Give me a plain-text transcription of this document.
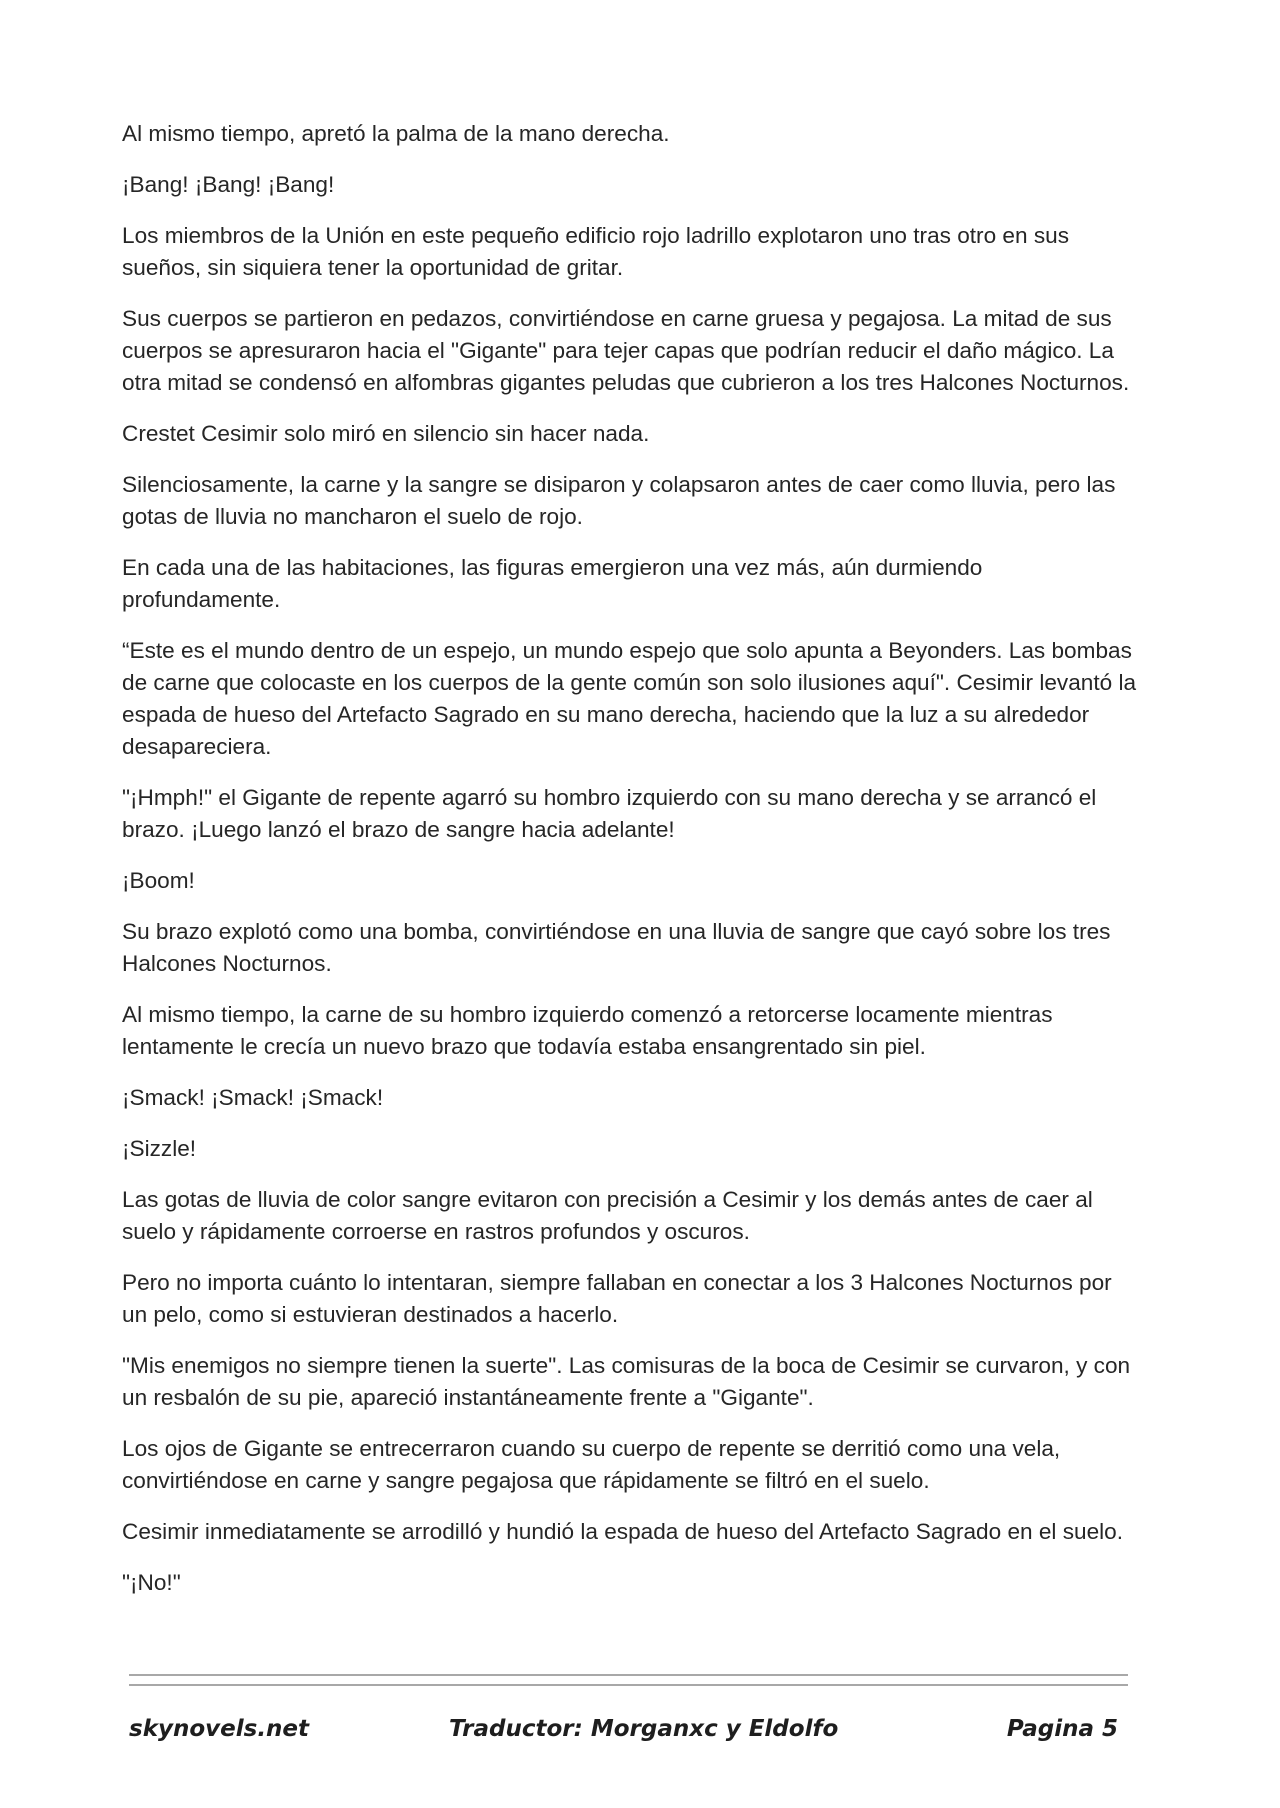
Al mismo tiempo, apretó la palma de la mano derecha.

¡Bang! ¡Bang! ¡Bang!

Los miembros de la Unión en este pequeño edificio rojo ladrillo explotaron uno tras otro en sus sueños, sin siquiera tener la oportunidad de gritar.

Sus cuerpos se partieron en pedazos, convirtiéndose en carne gruesa y pegajosa. La mitad de sus cuerpos se apresuraron hacia el "Gigante" para tejer capas que podrían reducir el daño mágico. La otra mitad se condensó en alfombras gigantes peludas que cubrieron a los tres Halcones Nocturnos.

Crestet Cesimir solo miró en silencio sin hacer nada.

Silenciosamente, la carne y la sangre se disiparon y colapsaron antes de caer como lluvia, pero las gotas de lluvia no mancharon el suelo de rojo.

En cada una de las habitaciones, las figuras emergieron una vez más, aún durmiendo profundamente.

“Este es el mundo dentro de un espejo, un mundo espejo que solo apunta a Beyonders. Las bombas de carne que colocaste en los cuerpos de la gente común son solo ilusiones aquí". Cesimir levantó la espada de hueso del Artefacto Sagrado en su mano derecha, haciendo que la luz a su alrededor desapareciera.

"¡Hmph!" el Gigante de repente agarró su hombro izquierdo con su mano derecha y se arrancó el brazo. ¡Luego lanzó el brazo de sangre hacia adelante!

¡Boom!

Su brazo explotó como una bomba, convirtiéndose en una lluvia de sangre que cayó sobre los tres Halcones Nocturnos.

Al mismo tiempo, la carne de su hombro izquierdo comenzó a retorcerse locamente mientras lentamente le crecía un nuevo brazo que todavía estaba ensangrentado sin piel.

¡Smack! ¡Smack! ¡Smack!

¡Sizzle!

Las gotas de lluvia de color sangre evitaron con precisión a Cesimir y los demás antes de caer al suelo y rápidamente corroerse en rastros profundos y oscuros.

Pero no importa cuánto lo intentaran, siempre fallaban en conectar a los 3 Halcones Nocturnos por un pelo, como si estuvieran destinados a hacerlo.

"Mis enemigos no siempre tienen la suerte". Las comisuras de la boca de Cesimir se curvaron, y con un resbalón de su pie, apareció instantáneamente frente a "Gigante".

Los ojos de Gigante se entrecerraron cuando su cuerpo de repente se derritió como una vela, convirtiéndose en carne y sangre pegajosa que rápidamente se filtró en el suelo.

Cesimir inmediatamente se arrodilló y hundió la espada de hueso del Artefacto Sagrado en el suelo.

"¡No!"

skynovels.net	Traductor: Morganxc y Eldolfo	Pagina 5
